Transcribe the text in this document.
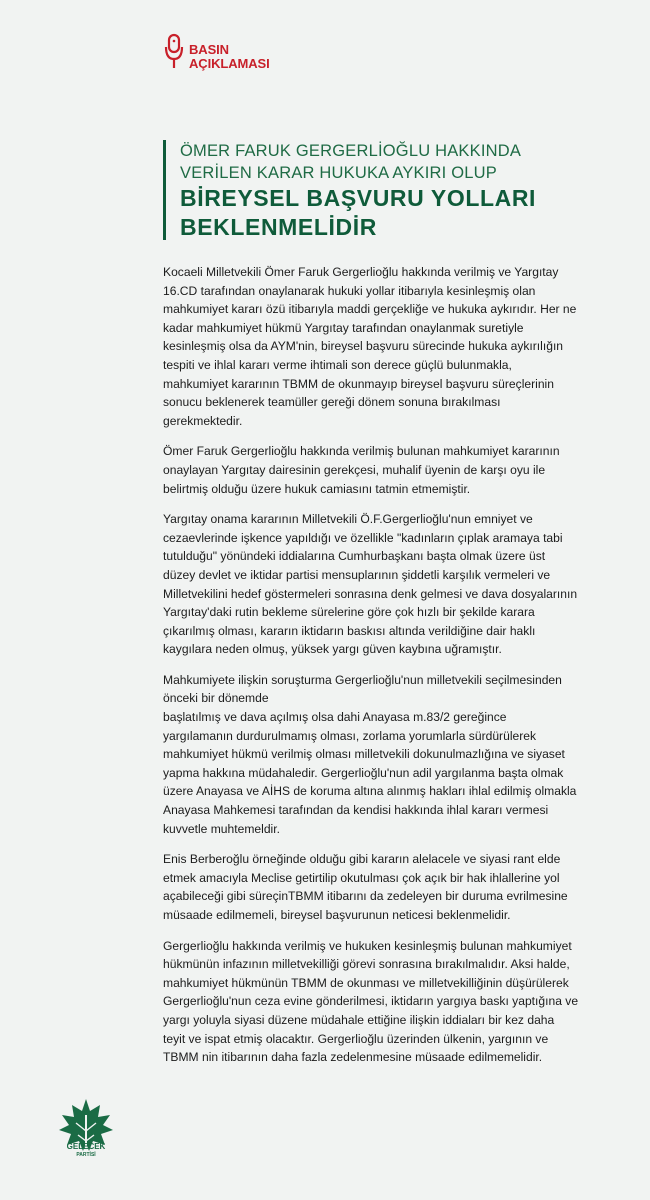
BASIN
AÇIKLAMASI
ÖMER FARUK GERGERLİOĞLU HAKKINDA
VERİLEN KARAR HUKUKA AYKIRI OLUP
BİREYSEL BAŞVURU YOLLARI
BEKLENMELİDİR

Kocaeli Milletvekili Ömer Faruk Gergerlioğlu hakkında verilmiş ve Yargıtay
16.CD tarafından onaylanarak hukuki yollar itibarıyla kesinleşmiş olan
mahkumiyet kararı özü itibarıyla maddi gerçekliğe ve hukuka aykırıdır. Her ne
kadar mahkumiyet hükmü Yargıtay tarafından onaylanmak suretiyle
kesinleşmiş olsa da AYM'nin, bireysel başvuru sürecinde hukuka aykırılığın
tespiti ve ihlal kararı verme ihtimali son derece güçlü bulunmakla,
mahkumiyet kararının TBMM de okunmayıp bireysel başvuru süreçlerinin
sonucu beklenerek teamüller gereği dönem sonuna bırakılması
gerekmektedir.

Ömer Faruk Gergerlioğlu hakkında verilmiş bulunan mahkumiyet kararının
onaylayan Yargıtay dairesinin gerekçesi, muhalif üyenin de karşı oyu ile
belirtmiş olduğu üzere hukuk camiasını tatmin etmemiştir.

Yargıtay onama kararının Milletvekili Ö.F.Gergerlioğlu'nun emniyet ve
cezaevlerinde işkence yapıldığı ve özellikle "kadınların çıplak aramaya tabi
tutulduğu" yönündeki iddialarına Cumhurbaşkanı başta olmak üzere üst
düzey devlet ve iktidar partisi mensuplarının şiddetli karşılık vermeleri ve
Milletvekilini hedef göstermeleri sonrasına denk gelmesi ve dava dosyalarının
Yargıtay'daki rutin bekleme sürelerine göre çok hızlı bir şekilde karara
çıkarılmış olması, kararın iktidarın baskısı altında verildiğine dair haklı
kaygılara neden olmuş, yüksek yargı güven kaybına uğramıştır.

Mahkumiyete ilişkin soruşturma Gergerlioğlu'nun milletvekili seçilmesinden
önceki bir dönemde
başlatılmış ve dava açılmış olsa dahi Anayasa m.83/2 gereğince
yargılamanın durdurulmamış olması, zorlama yorumlarla sürdürülerek
mahkumiyet hükmü verilmiş olması milletvekili dokunulmazlığına ve siyaset
yapma hakkına müdahaledir. Gergerlioğlu'nun adil yargılanma başta olmak
üzere Anayasa ve AİHS de koruma altına alınmış hakları ihlal edilmiş olmakla
Anayasa Mahkemesi tarafından da kendisi hakkında ihlal kararı vermesi
kuvvetle muhtemeldir.

Enis Berberoğlu örneğinde olduğu gibi kararın alelacele ve siyasi rant elde
etmek amacıyla Meclise getirtilip okutulması çok açık bir hak ihlallerine yol
açabileceği gibi süreçinTBMM itibarını da zedeleyen bir duruma evrilmesine
müsaade edilmemeli, bireysel başvurunun neticesi beklenmelidir.

Gergerlioğlu hakkında verilmiş ve hukuken kesinleşmiş bulunan mahkumiyet
hükmünün infazının milletvekilliği görevi sonrasına bırakılmalıdır. Aksi halde,
mahkumiyet hükmünün TBMM de okunması ve milletvekilliğinin düşürülerek
Gergerlioğlu'nun ceza evine gönderilmesi, iktidarın yargıya baskı yaptığına ve
yargı yoluyla siyasi düzene müdahale ettiğine ilişkin iddiaları bir kez daha
teyit ve ispat etmiş olacaktır. Gergerlioğlu üzerinden ülkenin, yargının ve
TBMM nin itibarının daha fazla zedelenmesine müsaade edilmemelidir.

GELECEK
PARTİSİ
